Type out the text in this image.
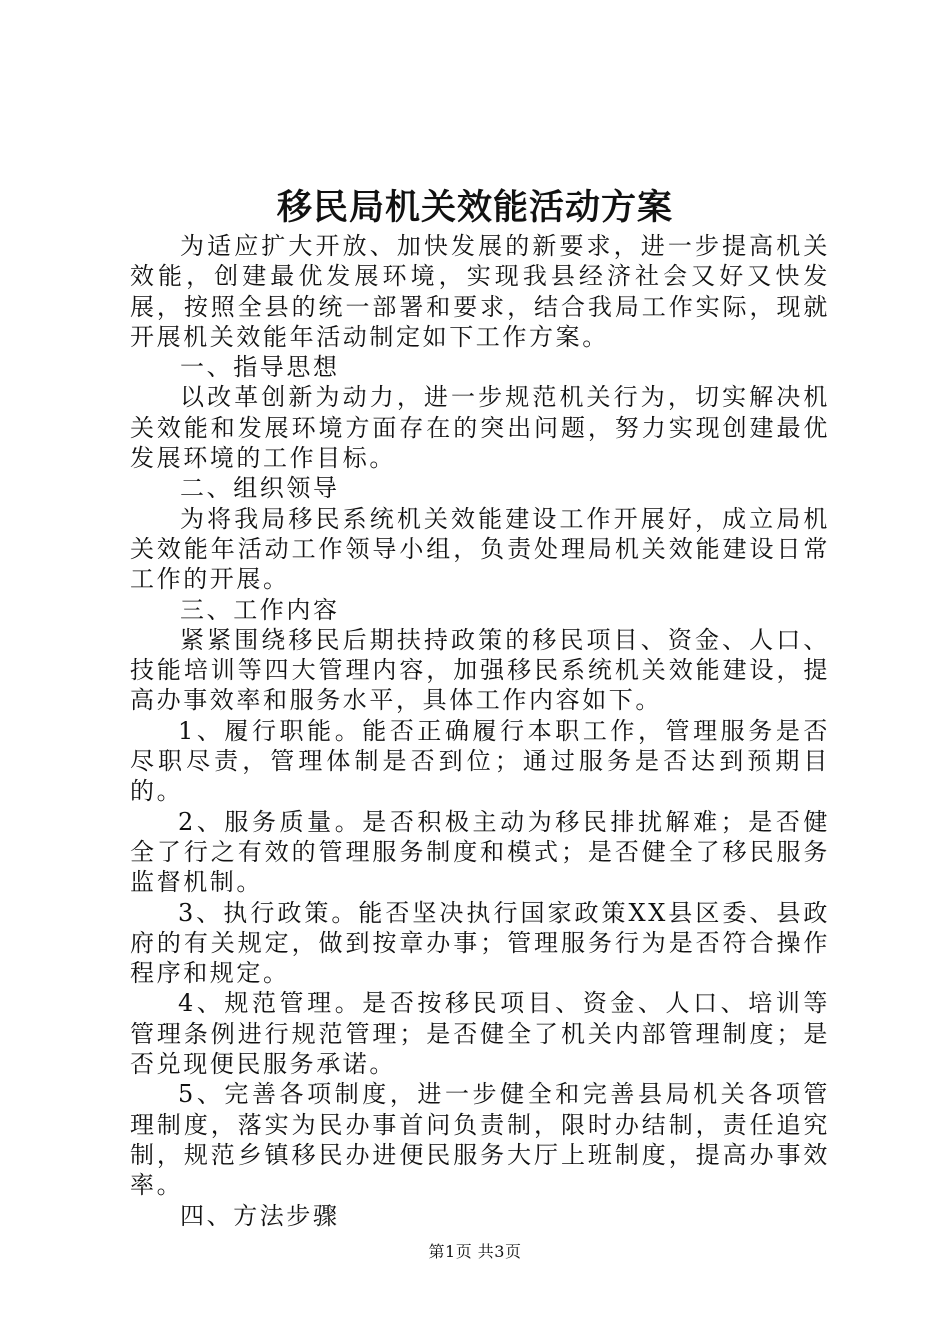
移民局机关效能活动方案

为适应扩大开放、加快发展的新要求，进一步提高机关效能，创建最优发展环境，实现我县经济社会又好又快发展，按照全县的统一部署和要求，结合我局工作实际，现就开展机关效能年活动制定如下工作方案。

一、指导思想

以改革创新为动力，进一步规范机关行为，切实解决机关效能和发展环境方面存在的突出问题，努力实现创建最优发展环境的工作目标。

二、组织领导

为将我局移民系统机关效能建设工作开展好，成立局机关效能年活动工作领导小组，负责处理局机关效能建设日常工作的开展。

三、工作内容

紧紧围绕移民后期扶持政策的移民项目、资金、人口、技能培训等四大管理内容，加强移民系统机关效能建设，提高办事效率和服务水平，具体工作内容如下。

1、履行职能。能否正确履行本职工作，管理服务是否尽职尽责，管理体制是否到位；通过服务是否达到预期目的。

2、服务质量。是否积极主动为移民排扰解难；是否健全了行之有效的管理服务制度和模式；是否健全了移民服务监督机制。

3、执行政策。能否坚决执行国家政策XX县区委、县政府的有关规定，做到按章办事；管理服务行为是否符合操作程序和规定。

4、规范管理。是否按移民项目、资金、人口、培训等管理条例进行规范管理；是否健全了机关内部管理制度；是否兑现便民服务承诺。

5、完善各项制度，进一步健全和完善县局机关各项管理制度，落实为民办事首问负责制，限时办结制，责任追究制，规范乡镇移民办进便民服务大厅上班制度，提高办事效率。

四、方法步骤

第1页 共3页
